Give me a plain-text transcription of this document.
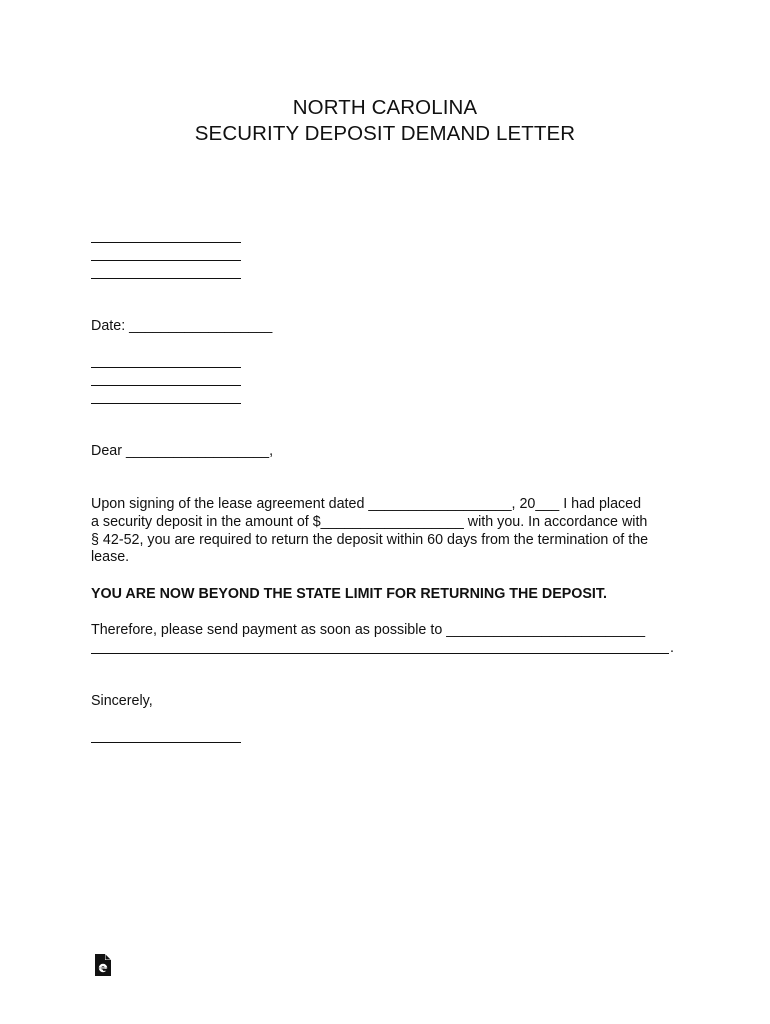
NORTH CAROLINA
SECURITY DEPOSIT DEMAND LETTER
Date: __________________
Dear __________________,
Upon signing of the lease agreement dated __________________, 20___ I had placed
a security deposit in the amount of $__________________ with you. In accordance with
§ 42-52, you are required to return the deposit within 60 days from the termination of the
lease.
YOU ARE NOW BEYOND THE STATE LIMIT FOR RETURNING THE DEPOSIT.
Therefore, please send payment as soon as possible to _________________________
.
Sincerely,
